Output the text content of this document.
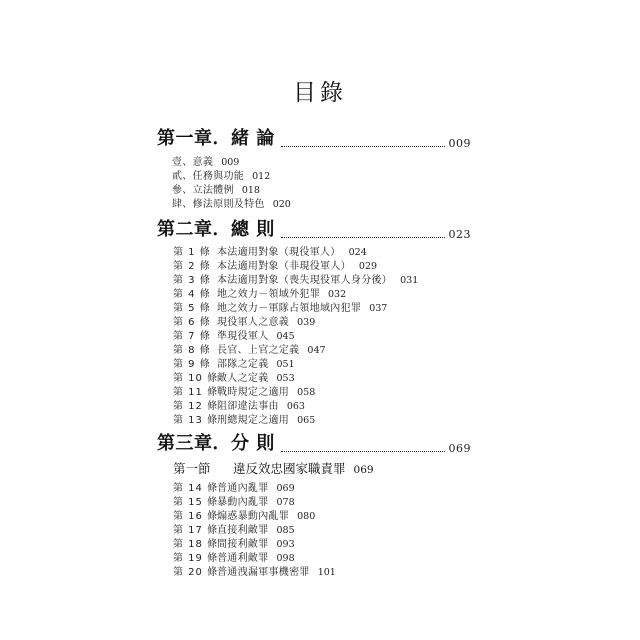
目錄
第一章．緒 論	009
壹、意義 009
貳、任務與功能 012
參、立法體例 018
肆、修法原則及特色 020
第二章．總 則	023
第 1 條 本法適用對象（現役軍人） 024
第 2 條 本法適用對象（非現役軍人） 029
第 3 條 本法適用對象（喪失現役軍人身分後） 031
第 4 條 地之效力－領域外犯罪 032
第 5 條 地之效力－軍隊占領地域內犯罪 037
第 6 條 現役軍人之意義 039
第 7 條 準現役軍人 045
第 8 條 長官、上官之定義 047
第 9 條 部隊之定義 051
第 10 條敵人之定義 053
第 11 條戰時規定之適用 058
第 12 條阻卻違法事由 063
第 13 條刑總規定之適用 065
第三章．分 則	069
第一節 違反效忠國家職責罪 069
第 14 條普通內亂罪 069
第 15 條暴動內亂罪 078
第 16 條煽惑暴動內亂罪 080
第 17 條直接利敵罪 085
第 18 條間接利敵罪 093
第 19 條普通利敵罪 098
第 20 條普通洩漏軍事機密罪 101
